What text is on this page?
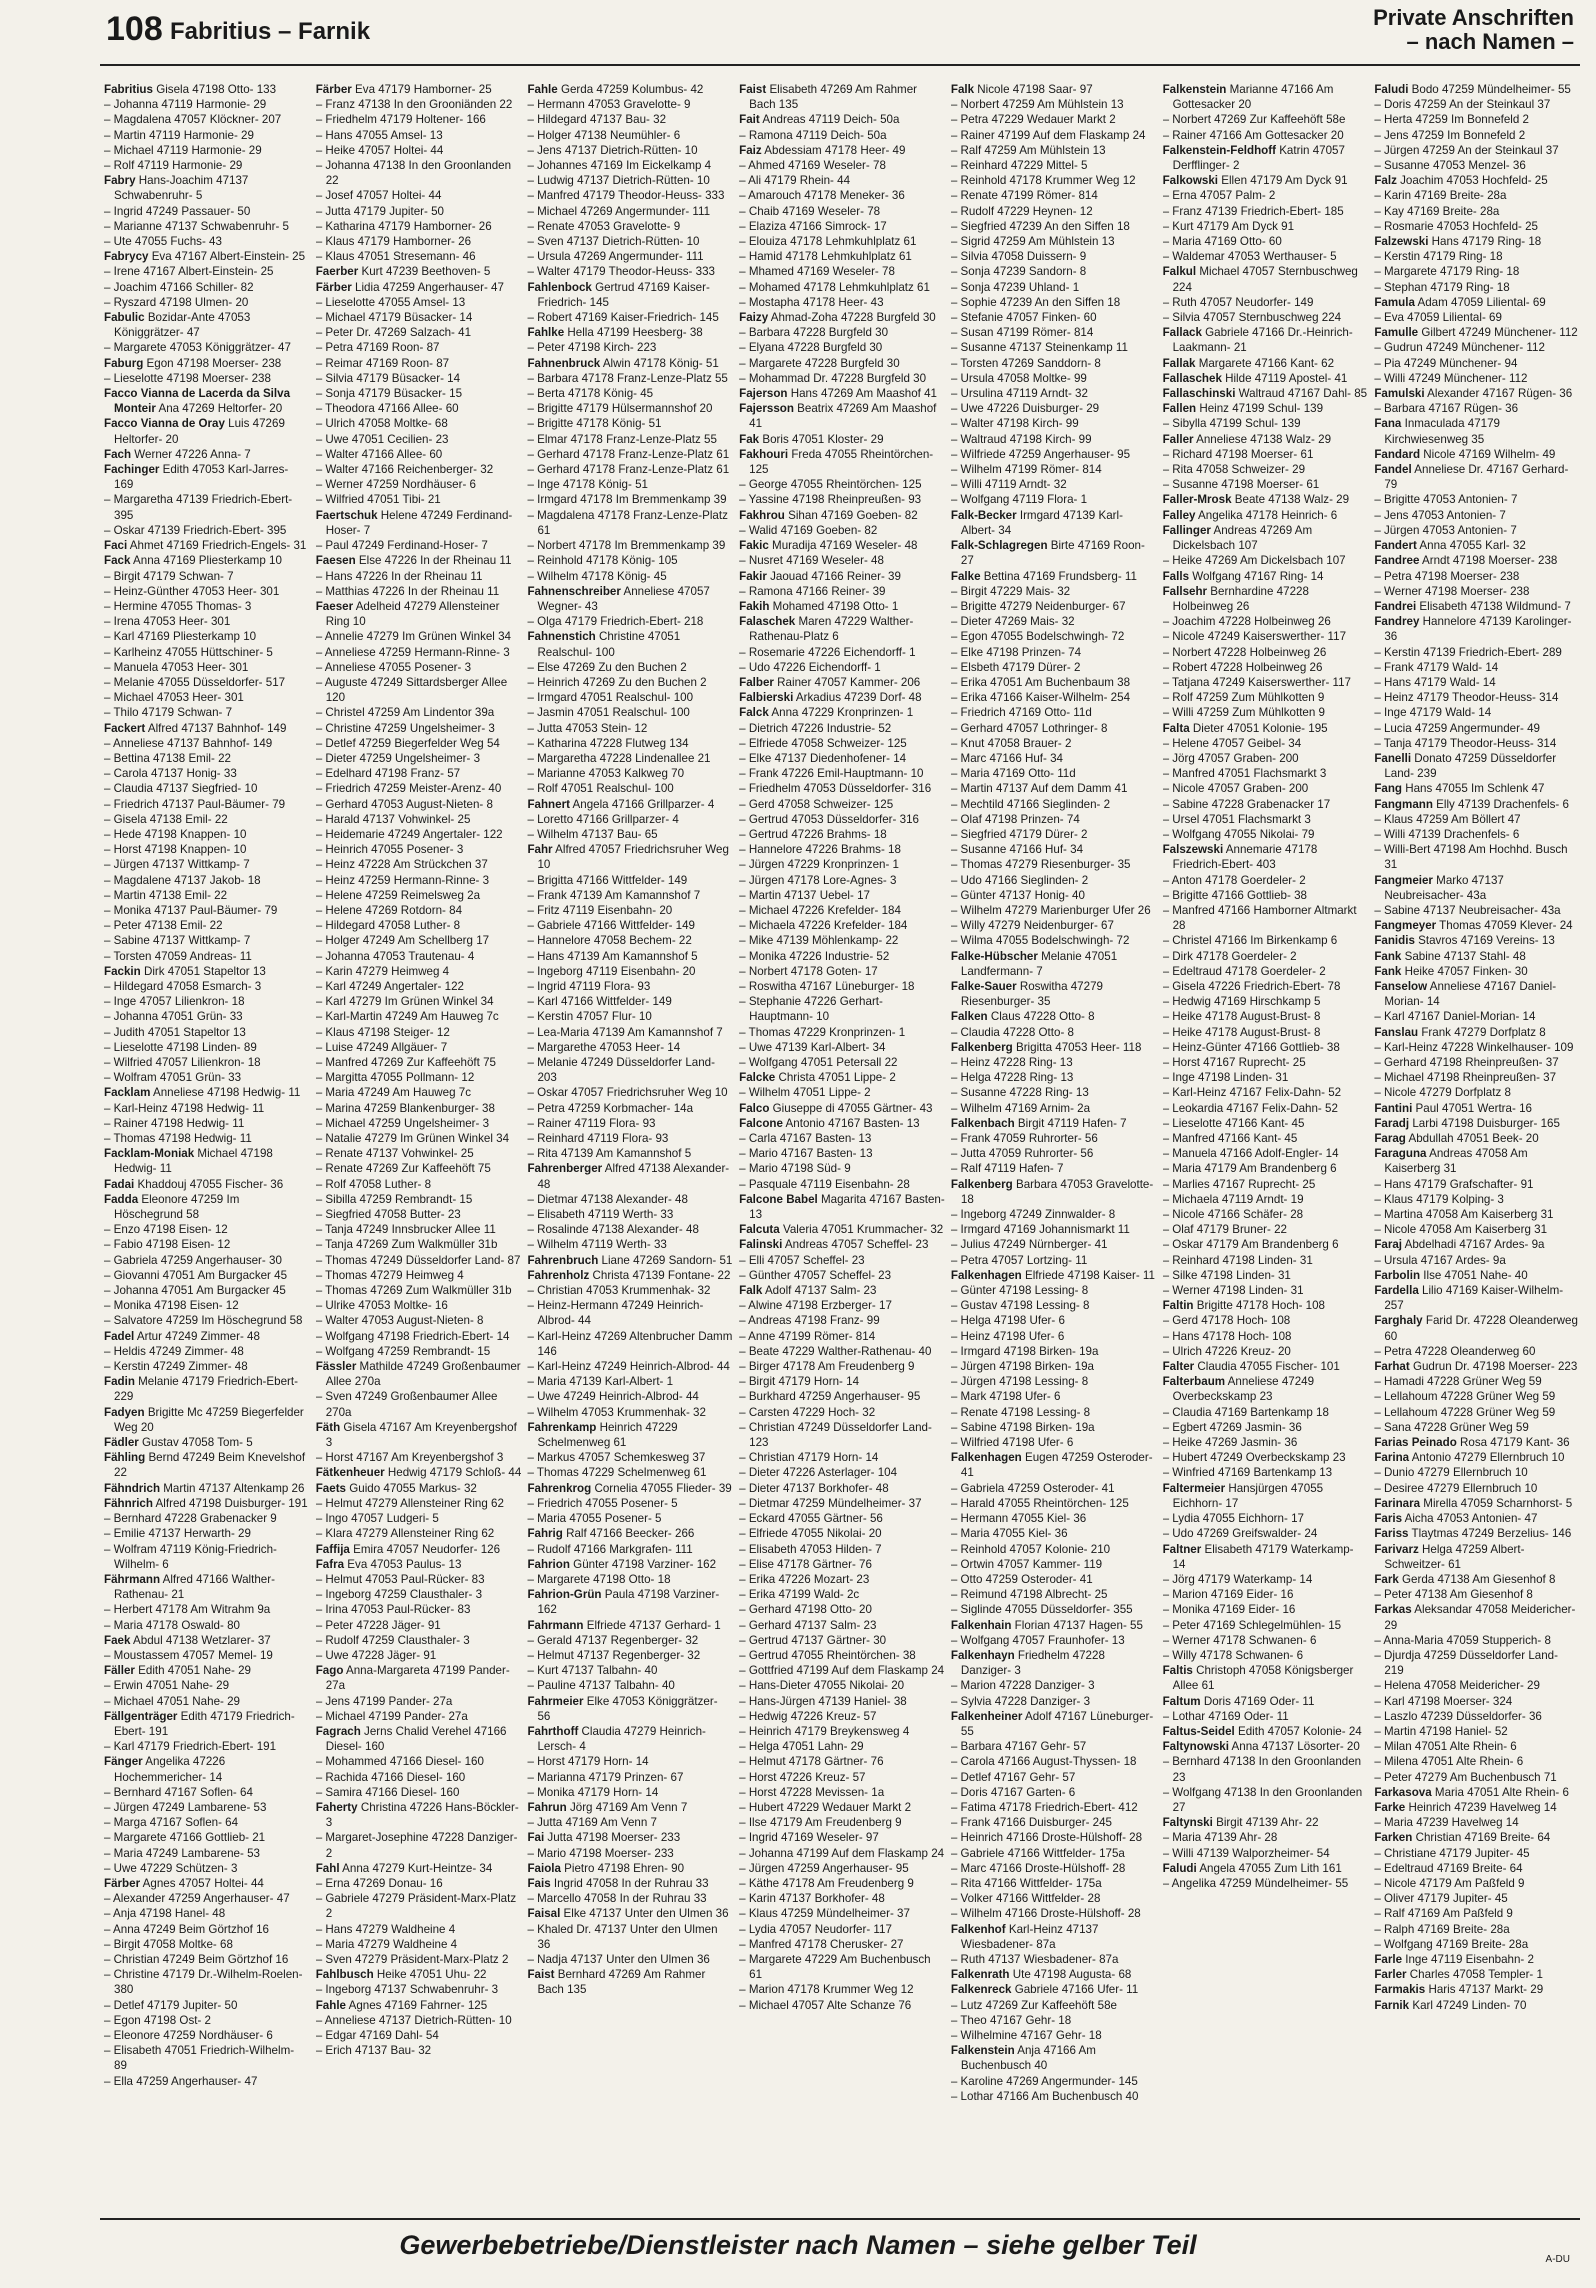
108 Fabritius – Farnik
Private Anschriften
– nach Namen –
Fabritius Gisela 47198 Otto- 133
– Johanna 47119 Harmonie- 29
– Magdalena 47057 Klöckner- 207
– Martin 47119 Harmonie- 29
– Michael 47119 Harmonie- 29
– Rolf 47119 Harmonie- 29
Fabry Hans-Joachim 47137 Schwabenruhr- 5
– Ingrid 47249 Passauer- 50
– Marianne 47137 Schwabenruhr- 5
– Ute 47055 Fuchs- 43
Fabrycy Eva 47167 Albert-Einstein- 25
– Irene 47167 Albert-Einstein- 25
– Joachim 47166 Schiller- 82
– Ryszard 47198 Ulmen- 20
Fabulic Bozidar-Ante 47053 Königgrätzer- 47
– Margarete 47053 Königgrätzer- 47
Faburg Egon 47198 Moerser- 238
– Lieselotte 47198 Moerser- 238
Facco Vianna de Lacerda da Silva Monteir Ana 47269 Heltorfer- 20
Facco Vianna de Oray Luis 47269 Heltorfer- 20
Fach Werner 47226 Anna- 7
Fachinger Edith 47053 Karl-Jarres- 169
– Margaretha 47139 Friedrich-Ebert- 395
– Oskar 47139 Friedrich-Ebert- 395
Faci Ahmet 47169 Friedrich-Engels- 31
Fack Anna 47169 Pliesterkamp 10
– Birgit 47179 Schwan- 7
– Heinz-Günther 47053 Heer- 301
– Hermine 47055 Thomas- 3
– Irena 47053 Heer- 301
– Karl 47169 Pliesterkamp 10
– Karlheinz 47055 Hüttschiner- 5
– Manuela 47053 Heer- 301
– Melanie 47055 Düsseldorfer- 517
– Michael 47053 Heer- 301
– Thilo 47179 Schwan- 7
Fackert Alfred 47137 Bahnhof- 149
– Anneliese 47137 Bahnhof- 149
– Bettina 47138 Emil- 22
– Carola 47137 Honig- 33
– Claudia 47137 Siegfried- 10
– Friedrich 47137 Paul-Bäumer- 79
– Gisela 47138 Emil- 22
– Hede 47198 Knappen- 10
– Horst 47198 Knappen- 10
– Jürgen 47137 Wittkamp- 7
– Magdalene 47137 Jakob- 18
– Martin 47138 Emil- 22
– Monika 47137 Paul-Bäumer- 79
– Peter 47138 Emil- 22
– Sabine 47137 Wittkamp- 7
– Torsten 47059 Andreas- 11
Fackin Dirk 47051 Stapeltor 13
– Hildegard 47058 Esmarch- 3
– Inge 47057 Lilienkron- 18
– Johanna 47051 Grün- 33
– Judith 47051 Stapeltor 13
– Lieselotte 47198 Linden- 89
– Wilfried 47057 Lilienkron- 18
– Wolfram 47051 Grün- 33
Facklam Anneliese 47198 Hedwig- 11
– Karl-Heinz 47198 Hedwig- 11
– Rainer 47198 Hedwig- 11
– Thomas 47198 Hedwig- 11
Facklam-Moniak Michael 47198 Hedwig- 11
Fadai Khaddouj 47055 Fischer- 36
Fadda Eleonore 47259 Im Höschegrund 58
– Enzo 47198 Eisen- 12
– Fabio 47198 Eisen- 12
– Gabriela 47259 Angerhauser- 30
– Giovanni 47051 Am Burgacker 45
– Johanna 47051 Am Burgacker 45
– Monika 47198 Eisen- 12
– Salvatore 47259 Im Höschegrund 58
Fadel Artur 47249 Zimmer- 48
– Heldis 47249 Zimmer- 48
– Kerstin 47249 Zimmer- 48
Fadin Melanie 47179 Friedrich-Ebert- 229
Fadyen Brigitte Mc 47259 Biegerfelder Weg 20
Fädler Gustav 47058 Tom- 5
Fähling Bernd 47249 Beim Knevelshof 22
Fähndrich Martin 47137 Altenkamp 26
Fähnrich Alfred 47198 Duisburger- 191
– Bernhard 47228 Grabenacker 9
– Emilie 47137 Herwarth- 29
– Wolfram 47119 König-Friedrich-Wilhelm- 6
Fährmann Alfred 47166 Walther-Rathenau- 21
– Herbert 47178 Am Witrahm 9a
– Maria 47178 Oswald- 80
Faek Abdul 47138 Wetzlarer- 37
– Moustassem 47057 Memel- 19
Fäller Edith 47051 Nahe- 29
– Erwin 47051 Nahe- 29
– Michael 47051 Nahe- 29
Fällgenträger Edith 47179 Friedrich-Ebert- 191
– Karl 47179 Friedrich-Ebert- 191
Fänger Angelika 47226 Hochemmericher- 14
– Bernhard 47167 Soflen- 64
– Jürgen 47249 Lambarene- 53
– Marga 47167 Soflen- 64
– Margarete 47166 Gottlieb- 21
– Maria 47249 Lambarene- 53
– Uwe 47229 Schützen- 3
Färber Agnes 47057 Holtei- 44
– Alexander 47259 Angerhauser- 47
– Anja 47198 Hanel- 48
– Anna 47249 Beim Görtzhof 16
– Birgit 47058 Moltke- 68
– Christian 47249 Beim Görtzhof 16
– Christine 47179 Dr.-Wilhelm-Roelen- 380
– Detlef 47179 Jupiter- 50
– Egon 47198 Ost- 2
– Eleonore 47259 Nordhäuser- 6
– Elisabeth 47051 Friedrich-Wilhelm- 89
– Ella 47259 Angerhauser- 47
Färber Eva 47179 Hamborner- 25
– Franz 47138 In den Grooniänden 22
– Friedhelm 47179 Holtener- 166
– Hans 47055 Amsel- 13
– Heike 47057 Holtei- 44
– Johanna 47138 In den Groonlanden 22
– Josef 47057 Holtei- 44
– Jutta 47179 Jupiter- 50
– Katharina 47179 Hamborner- 26
– Klaus 47179 Hamborner- 26
– Klaus 47051 Stresemann- 46
Faerber Kurt 47239 Beethoven- 5
Färber Lidia 47259 Angerhauser- 47
– Lieselotte 47055 Amsel- 13
– Michael 47179 Büsacker- 14
– Peter Dr. 47269 Salzach- 41
– Petra 47169 Roon- 87
– Reimar 47169 Roon- 87
– Silvia 47179 Büsacker- 14
– Sonja 47179 Büsacker- 15
– Theodora 47166 Allee- 60
– Ulrich 47058 Moltke- 68
– Uwe 47051 Cecilien- 23
– Walter 47166 Allee- 60
– Walter 47166 Reichenberger- 32
– Werner 47259 Nordhäuser- 6
– Wilfried 47051 Tibi- 21
Faertschuk Helene 47249 Ferdinand-Hoser- 7
– Paul 47249 Ferdinand-Hoser- 7
Faesen Else 47226 In der Rheinau 11
– Hans 47226 In der Rheinau 11
– Matthias 47226 In der Rheinau 11
Faeser Adelheid 47279 Allensteiner Ring 10
– Annelie 47279 Im Grünen Winkel 34
– Anneliese 47259 Hermann-Rinne- 3
– Anneliese 47055 Posener- 3
– Auguste 47249 Sittardsberger Allee 120
– Christel 47259 Am Lindentor 39a
– Christine 47259 Ungelsheimer- 3
– Detlef 47259 Biegerfelder Weg 54
– Dieter 47259 Ungelsheimer- 3
– Edelhard 47198 Franz- 57
– Friedrich 47259 Meister-Arenz- 40
– Gerhard 47053 August-Nieten- 8
– Harald 47137 Vohwinkel- 25
– Heidemarie 47249 Angertaler- 122
– Heinrich 47055 Posener- 3
– Heinz 47228 Am Strückchen 37
– Heinz 47259 Hermann-Rinne- 3
– Helene 47259 Reimelsweg 2a
– Helene 47269 Rotdorn- 84
– Hildegard 47058 Luther- 8
– Holger 47249 Am Schellberg 17
– Johanna 47053 Trautenau- 4
– Karin 47279 Heimweg 4
– Karl 47249 Angertaler- 122
– Karl 47279 Im Grünen Winkel 34
– Karl-Martin 47249 Am Hauweg 7c
– Klaus 47198 Steiger- 12
– Luise 47249 Allgäuer- 7
– Manfred 47269 Zur Kaffeehöft 75
– Margitta 47055 Pollmann- 12
– Maria 47249 Am Hauweg 7c
– Marina 47259 Blankenburger- 38
– Michael 47259 Ungelsheimer- 3
– Natalie 47279 Im Grünen Winkel 34
– Renate 47137 Vohwinkel- 25
– Renate 47269 Zur Kaffeehöft 75
– Rolf 47058 Luther- 8
– Sibilla 47259 Rembrandt- 15
– Siegfried 47058 Butter- 23
– Tanja 47249 Innsbrucker Allee 11
– Tanja 47269 Zum Walkmüller 31b
– Thomas 47249 Düsseldorfer Land- 87
– Thomas 47279 Heimweg 4
– Thomas 47269 Zum Walkmüller 31b
– Ulrike 47053 Moltke- 16
– Walter 47053 August-Nieten- 8
– Wolfgang 47198 Friedrich-Ebert- 14
– Wolfgang 47259 Rembrandt- 15
Fässler Mathilde 47249 Großenbaumer Allee 270a
– Sven 47249 Großenbaumer Allee 270a
Fäth Gisela 47167 Am Kreyenbergshof 3
– Horst 47167 Am Kreyenbergshof 3
Fätkenheuer Hedwig 47179 Schloß- 44
Faets Guido 47055 Markus- 32
– Helmut 47279 Allensteiner Ring 62
– Ingo 47057 Ludgeri- 5
– Klara 47279 Allensteiner Ring 62
Faffija Emira 47057 Neudorfer- 126
Fafra Eva 47053 Paulus- 13
– Helmut 47053 Paul-Rücker- 83
– Ingeborg 47259 Clausthaler- 3
– Irina 47053 Paul-Rücker- 83
– Peter 47228 Jäger- 91
– Rudolf 47259 Clausthaler- 3
– Uwe 47228 Jäger- 91
Fago Anna-Margareta 47199 Pander- 27a
– Jens 47199 Pander- 27a
– Michael 47199 Pander- 27a
Fagrach Jerns Chalid Verehel 47166 Diesel- 160
– Mohammed 47166 Diesel- 160
– Rachida 47166 Diesel- 160
– Samira 47166 Diesel- 160
Faherty Christina 47226 Hans-Böckler- 3
– Margaret-Josephine 47228 Danziger- 2
Fahl Anna 47279 Kurt-Heintze- 34
– Erna 47269 Donau- 16
– Gabriele 47279 Präsident-Marx-Platz 2
– Hans 47279 Waldheine 4
– Maria 47279 Waldheine 4
– Sven 47279 Präsident-Marx-Platz 2
Fahlbusch Heike 47051 Uhu- 22
– Ingeborg 47137 Schwabenruhr- 3
Fahle Agnes 47169 Fahrner- 125
– Anneliese 47137 Dietrich-Rütten- 10
– Edgar 47169 Dahl- 54
– Erich 47137 Bau- 32
Fahle Gerda 47259 Kolumbus- 42
– Hermann 47053 Gravelotte- 9
– Hildegard 47137 Bau- 32
– Holger 47138 Neumühler- 6
– Jens 47137 Dietrich-Rütten- 10
– Johannes 47169 Im Eickelkamp 4
– Ludwig 47137 Dietrich-Rütten- 10
– Manfred 47179 Theodor-Heuss- 333
– Michael 47269 Angermunder- 111
– Renate 47053 Gravelotte- 9
– Sven 47137 Dietrich-Rütten- 10
– Ursula 47269 Angermunder- 111
– Walter 47179 Theodor-Heuss- 333
Fahlenbock Gertrud 47169 Kaiser-Friedrich- 145
– Robert 47169 Kaiser-Friedrich- 145
Fahlke Hella 47199 Heesberg- 38
– Peter 47198 Kirch- 223
Fahnenbruck Alwin 47178 König- 51
– Barbara 47178 Franz-Lenze-Platz 55
– Berta 47178 König- 45
– Brigitte 47179 Hülsermannshof 20
– Brigitte 47178 König- 51
– Elmar 47178 Franz-Lenze-Platz 55
– Gerhard 47178 Franz-Lenze-Platz 61
– Gerhard 47178 Franz-Lenze-Platz 61
– Inge 47178 König- 51
– Irmgard 47178 Im Bremmenkamp 39
– Magdalena 47178 Franz-Lenze-Platz 61
– Norbert 47178 Im Bremmenkamp 39
– Reinhold 47178 König- 105
– Wilhelm 47178 König- 45
Fahnenschreiber Anneliese 47057 Wegner- 43
– Olga 47179 Friedrich-Ebert- 218
Fahnenstich Christine 47051 Realschul- 100
– Else 47269 Zu den Buchen 2
– Heinrich 47269 Zu den Buchen 2
– Irmgard 47051 Realschul- 100
– Jasmin 47051 Realschul- 100
– Jutta 47053 Stein- 12
– Katharina 47228 Flutweg 134
– Margaretha 47228 Lindenallee 21
– Marianne 47053 Kalkweg 70
– Rolf 47051 Realschul- 100
Fahnert Angela 47166 Grillparzer- 4
– Loretto 47166 Grillparzer- 4
– Wilhelm 47137 Bau- 65
Fahr Alfred 47057 Friedrichsruher Weg 10
– Brigitta 47166 Wittfelder- 149
– Frank 47139 Am Kamannshof 7
– Fritz 47119 Eisenbahn- 20
– Gabriele 47166 Wittfelder- 149
– Hannelore 47058 Bechem- 22
– Hans 47139 Am Kamannshof 5
– Ingeborg 47119 Eisenbahn- 20
– Ingrid 47119 Flora- 93
– Karl 47166 Wittfelder- 149
– Kerstin 47057 Flur- 10
– Lea-Maria 47139 Am Kamannshof 7
– Margarethe 47053 Heer- 14
– Melanie 47249 Düsseldorfer Land- 203
– Oskar 47057 Friedrichsruher Weg 10
– Petra 47259 Korbmacher- 14a
– Rainer 47119 Flora- 93
– Reinhard 47119 Flora- 93
– Rita 47139 Am Kamannshof 5
Fahrenberger Alfred 47138 Alexander- 48
– Dietmar 47138 Alexander- 48
– Elisabeth 47119 Werth- 33
– Rosalinde 47138 Alexander- 48
– Wilhelm 47119 Werth- 33
Fahrenbruch Liane 47269 Sandorn- 51
Fahrenholz Christa 47139 Fontane- 22
– Christian 47053 Krummenhak- 32
– Heinz-Hermann 47249 Heinrich-Albrod- 44
– Karl-Heinz 47269 Altenbrucher Damm 146
– Karl-Heinz 47249 Heinrich-Albrod- 44
– Maria 47139 Karl-Albert- 1
– Uwe 47249 Heinrich-Albrod- 44
– Wilhelm 47053 Krummenhak- 32
Fahrenkamp Heinrich 47229 Schelmenweg 61
– Markus 47057 Schemkesweg 37
– Thomas 47229 Schelmenweg 61
Fahrenkrog Cornelia 47055 Flieder- 39
– Friedrich 47055 Posener- 5
– Maria 47055 Posener- 5
Fahrig Ralf 47166 Beecker- 266
– Rudolf 47166 Markgrafen- 111
Fahrion Günter 47198 Varziner- 162
– Margarete 47198 Otto- 18
Fahrion-Grün Paula 47198 Varziner- 162
Fahrmann Elfriede 47137 Gerhard- 1
– Gerald 47137 Regenberger- 32
– Helmut 47137 Regenberger- 32
– Kurt 47137 Talbahn- 40
– Pauline 47137 Talbahn- 40
Fahrmeier Elke 47053 Königgrätzer- 56
Fahrthoff Claudia 47279 Heinrich-Lersch- 4
– Horst 47179 Horn- 14
– Marianna 47179 Prinzen- 67
– Monika 47179 Horn- 14
Fahrun Jörg 47169 Am Venn 7
– Jutta 47169 Am Venn 7
Fai Jutta 47198 Moerser- 233
– Mario 47198 Moerser- 233
Faiola Pietro 47198 Ehren- 90
Fais Ingrid 47058 In der Ruhrau 33
– Marcello 47058 In der Ruhrau 33
Faisal Elke 47137 Unter den Ulmen 36
– Khaled Dr. 47137 Unter den Ulmen 36
– Nadja 47137 Unter den Ulmen 36
Faist Bernhard 47269 Am Rahmer Bach 135
Faist Elisabeth 47269 Am Rahmer Bach 135
Fait Andreas 47119 Deich- 50a
– Ramona 47119 Deich- 50a
Faiz Abdessiam 47178 Heer- 49
– Ahmed 47169 Weseler- 78
– Ali 47179 Rhein- 44
– Amarouch 47178 Meneker- 36
– Chaib 47169 Weseler- 78
– Elaziza 47166 Simrock- 17
– Elouiza 47178 Lehmkuhlplatz 61
– Hamid 47178 Lehmkuhlplatz 61
– Mhamed 47169 Weseler- 78
– Mohamed 47178 Lehmkuhlplatz 61
– Mostapha 47178 Heer- 43
Faizy Ahmad-Zoha 47228 Burgfeld 30
– Barbara 47228 Burgfeld 30
– Elyana 47228 Burgfeld 30
– Margarete 47228 Burgfeld 30
– Mohammad Dr. 47228 Burgfeld 30
Fajerson Hans 47269 Am Maashof 41
Fajersson Beatrix 47269 Am Maashof 41
Fak Boris 47051 Kloster- 29
Fakhouri Freda 47055 Rheintörchen- 125
– George 47055 Rheintörchen- 125
– Yassine 47198 Rheinpreußen- 93
Fakhrou Sihan 47169 Goeben- 82
– Walid 47169 Goeben- 82
Fakic Muradija 47169 Weseler- 48
– Nusret 47169 Weseler- 48
Fakir Jaouad 47166 Reiner- 39
– Ramona 47166 Reiner- 39
Fakih Mohamed 47198 Otto- 1
Falaschek Maren 47229 Walther-Rathenau-Platz 6
– Rosemarie 47226 Eichendorff- 1
– Udo 47226 Eichendorff- 1
Falber Rainer 47057 Kammer- 206
Falbierski Arkadius 47239 Dorf- 48
Falck Anna 47229 Kronprinzen- 1
– Dietrich 47226 Industrie- 52
– Elfriede 47058 Schweizer- 125
– Elke 47137 Diedenhofener- 14
– Frank 47226 Emil-Hauptmann- 10
– Friedhelm 47053 Düsseldorfer- 316
– Gerd 47058 Schweizer- 125
– Gertrud 47053 Düsseldorfer- 316
– Gertrud 47226 Brahms- 18
– Hannelore 47226 Brahms- 18
– Jürgen 47229 Kronprinzen- 1
– Jürgen 47178 Lore-Agnes- 3
– Martin 47137 Uebel- 17
– Michael 47226 Krefelder- 184
– Michaela 47226 Krefelder- 184
– Mike 47139 Möhlenkamp- 22
– Monika 47226 Industrie- 52
– Norbert 47178 Goten- 17
– Roswitha 47167 Lüneburger- 18
– Stephanie 47226 Gerhart-Hauptmann- 10
– Thomas 47229 Kronprinzen- 1
– Uwe 47139 Karl-Albert- 34
– Wolfgang 47051 Petersall 22
Falcke Christa 47051 Lippe- 2
– Wilhelm 47051 Lippe- 2
Falco Giuseppe di 47055 Gärtner- 43
Falcone Antonio 47167 Basten- 13
– Carla 47167 Basten- 13
– Mario 47167 Basten- 13
– Mario 47198 Süd- 9
– Pasquale 47119 Eisenbahn- 28
Falcone Babel Magarita 47167 Basten- 13
Falcuta Valeria 47051 Krummacher- 32
Falinski Andreas 47057 Scheffel- 23
– Elli 47057 Scheffel- 23
– Günther 47057 Scheffel- 23
Falk Adolf 47137 Salm- 23
– Alwine 47198 Erzberger- 17
– Andreas 47198 Franz- 99
– Anne 47199 Römer- 814
– Beate 47229 Walther-Rathenau- 40
– Birger 47178 Am Freudenberg 9
– Birgit 47179 Horn- 14
– Burkhard 47259 Angerhauser- 95
– Carsten 47229 Hoch- 32
– Christian 47249 Düsseldorfer Land- 123
– Christian 47179 Horn- 14
– Dieter 47226 Asterlager- 104
– Dieter 47137 Borkhofer- 48
– Dietmar 47259 Mündelheimer- 37
– Eckard 47055 Gärtner- 56
– Elfriede 47055 Nikolai- 20
– Elisabeth 47053 Hilden- 7
– Elise 47178 Gärtner- 76
– Erika 47226 Mozart- 23
– Erika 47199 Wald- 2c
– Gerhard 47198 Otto- 20
– Gerhard 47137 Salm- 23
– Gertrud 47137 Gärtner- 30
– Gertrud 47055 Rheintörchen- 38
– Gottfried 47199 Auf dem Flaskamp 24
– Hans-Dieter 47055 Nikolai- 20
– Hans-Jürgen 47139 Haniel- 38
– Hedwig 47226 Kreuz- 57
– Heinrich 47179 Breykensweg 4
– Helga 47051 Lahn- 29
– Helmut 47178 Gärtner- 76
– Horst 47226 Kreuz- 57
– Horst 47228 Mevissen- 1a
– Hubert 47229 Wedauer Markt 2
– Ilse 47179 Am Freudenberg 9
– Ingrid 47169 Weseler- 97
– Johanna 47199 Auf dem Flaskamp 24
– Jürgen 47259 Angerhauser- 95
– Käthe 47178 Am Freudenberg 9
– Karin 47137 Borkhofer- 48
– Klaus 47259 Mündelheimer- 37
– Lydia 47057 Neudorfer- 117
– Manfred 47178 Cherusker- 27
– Margarete 47229 Am Buchenbusch 61
– Marion 47178 Krummer Weg 12
– Michael 47057 Alte Schanze 76
Falk Nicole 47198 Saar- 97
– Norbert 47259 Am Mühlstein 13
– Petra 47229 Wedauer Markt 2
– Rainer 47199 Auf dem Flaskamp 24
– Ralf 47259 Am Mühlstein 13
– Reinhard 47229 Mittel- 5
– Reinhold 47178 Krummer Weg 12
– Renate 47199 Römer- 814
– Rudolf 47229 Heynen- 12
– Siegfried 47239 An den Siffen 18
– Sigrid 47259 Am Mühlstein 13
– Silvia 47058 Duissern- 9
– Sonja 47239 Sandorn- 8
– Sonja 47239 Uhland- 1
– Sophie 47239 An den Siffen 18
– Stefanie 47057 Finken- 60
– Susan 47199 Römer- 814
– Susanne 47137 Steinenkamp 11
– Torsten 47269 Sanddorn- 8
– Ursula 47058 Moltke- 99
– Ursulina 47119 Arndt- 32
– Uwe 47226 Duisburger- 29
– Walter 47198 Kirch- 99
– Waltraud 47198 Kirch- 99
– Wilfriede 47259 Angerhauser- 95
– Wilhelm 47199 Römer- 814
– Willi 47119 Arndt- 32
– Wolfgang 47119 Flora- 1
Falk-Becker Irmgard 47139 Karl-Albert- 34
Falk-Schlagregen Birte 47169 Roon- 27
Falke Bettina 47169 Frundsberg- 11
– Birgit 47229 Mais- 32
– Brigitte 47279 Neidenburger- 67
– Dieter 47269 Mais- 32
– Egon 47055 Bodelschwingh- 72
– Elke 47198 Prinzen- 74
– Elsbeth 47179 Dürer- 2
– Erika 47051 Am Buchenbaum 38
– Erika 47166 Kaiser-Wilhelm- 254
– Friedrich 47169 Otto- 11d
– Gerhard 47057 Lothringer- 8
– Knut 47058 Brauer- 2
– Marc 47166 Huf- 34
– Maria 47169 Otto- 11d
– Martin 47137 Auf dem Damm 41
– Mechtild 47166 Sieglinden- 2
– Olaf 47198 Prinzen- 74
– Siegfried 47179 Dürer- 2
– Susanne 47166 Huf- 34
– Thomas 47279 Riesenburger- 35
– Udo 47166 Sieglinden- 2
– Günter 47137 Honig- 40
– Wilhelm 47279 Marienburger Ufer 26
– Willy 47279 Neidenburger- 67
– Wilma 47055 Bodelschwingh- 72
Falke-Hübscher Melanie 47051 Landfermann- 7
Falke-Sauer Roswitha 47279 Riesenburger- 35
Falken Claus 47228 Otto- 8
– Claudia 47228 Otto- 8
Falkenberg Brigitta 47053 Heer- 118
– Heinz 47228 Ring- 13
– Helga 47228 Ring- 13
– Susanne 47228 Ring- 13
– Wilhelm 47169 Arnim- 2a
Falkenbach Birgit 47119 Hafen- 7
– Frank 47059 Ruhrorter- 56
– Jutta 47059 Ruhrorter- 56
– Ralf 47119 Hafen- 7
Falkenberg Barbara 47053 Gravelotte- 18
– Ingeborg 47249 Zinnwalder- 8
– Irmgard 47169 Johannismarkt 11
– Julius 47249 Nürnberger- 41
– Petra 47057 Lortzing- 11
Falkenhagen Elfriede 47198 Kaiser- 11
– Günter 47198 Lessing- 8
– Gustav 47198 Lessing- 8
– Helga 47198 Ufer- 6
– Heinz 47198 Ufer- 6
– Irmgard 47198 Birken- 19a
– Jürgen 47198 Birken- 19a
– Jürgen 47198 Lessing- 8
– Mark 47198 Ufer- 6
– Renate 47198 Lessing- 8
– Sabine 47198 Birken- 19a
– Wilfried 47198 Ufer- 6
Falkenhagen Eugen 47259 Osteroder- 41
– Gabriela 47259 Osteroder- 41
– Harald 47055 Rheintörchen- 125
– Hermann 47055 Kiel- 36
– Maria 47055 Kiel- 36
– Reinhold 47057 Kolonie- 210
– Ortwin 47057 Kammer- 119
– Otto 47259 Osteroder- 41
– Reimund 47198 Albrecht- 25
– Siglinde 47055 Düsseldorfer- 355
Falkenhain Florian 47137 Hagen- 55
– Wolfgang 47057 Fraunhofer- 13
Falkenhayn Friedhelm 47228 Danziger- 3
– Marion 47228 Danziger- 3
– Sylvia 47228 Danziger- 3
Falkenheiner Adolf 47167 Lüneburger- 55
– Barbara 47167 Gehr- 57
– Carola 47166 August-Thyssen- 18
– Detlef 47167 Gehr- 57
– Doris 47167 Garten- 6
– Fatima 47178 Friedrich-Ebert- 412
– Frank 47166 Duisburger- 245
– Heinrich 47166 Droste-Hülshoff- 28
– Gabriele 47166 Wittfelder- 175a
– Marc 47166 Droste-Hülshoff- 28
– Rita 47166 Wittfelder- 175a
– Volker 47166 Wittfelder- 28
– Wilhelm 47166 Droste-Hülshoff- 28
Falkenhof Karl-Heinz 47137 Wiesbadener- 87a
– Ruth 47137 Wiesbadener- 87a
Falkenrath Ute 47198 Augusta- 68
Falkenreck Gabriele 47166 Ufer- 11
– Lutz 47269 Zur Kaffeehöft 58e
– Theo 47167 Gehr- 18
– Wilhelmine 47167 Gehr- 18
Falkenstein Anja 47166 Am Buchenbusch 40
– Karoline 47269 Angermunder- 145
– Lothar 47166 Am Buchenbusch 40
Falkenstein Marianne 47166 Am Gottesacker 20
– Norbert 47269 Zur Kaffeehöft 58e
– Rainer 47166 Am Gottesacker 20
Falkenstein-Feldhoff Katrin 47057 Derfflinger- 2
Falkowski Ellen 47179 Am Dyck 91
– Erna 47057 Palm- 2
– Franz 47139 Friedrich-Ebert- 185
– Kurt 47179 Am Dyck 91
– Maria 47169 Otto- 60
– Waldemar 47053 Werthauser- 5
Falkul Michael 47057 Sternbuschweg 224
– Ruth 47057 Neudorfer- 149
– Silvia 47057 Sternbuschweg 224
Fallack Gabriele 47166 Dr.-Heinrich-Laakmann- 21
Fallak Margarete 47166 Kant- 62
Fallaschek Hilde 47119 Apostel- 41
Fallaschinski Waltraud 47167 Dahl- 85
Fallen Heinz 47199 Schul- 139
– Sibylla 47199 Schul- 139
Faller Anneliese 47138 Walz- 29
– Richard 47198 Moerser- 61
– Rita 47058 Schweizer- 29
– Susanne 47198 Moerser- 61
Faller-Mrosk Beate 47138 Walz- 29
Falley Angelika 47178 Heinrich- 6
Fallinger Andreas 47269 Am Dickelsbach 107
– Heike 47269 Am Dickelsbach 107
Falls Wolfgang 47167 Ring- 14
Fallsehr Bernhardine 47228 Holbeinweg 26
– Joachim 47228 Holbeinweg 26
– Nicole 47249 Kaiserswerther- 117
– Norbert 47228 Holbeinweg 26
– Robert 47228 Holbeinweg 26
– Tatjana 47249 Kaiserswerther- 117
– Rolf 47259 Zum Mühlkotten 9
– Willi 47259 Zum Mühlkotten 9
Falta Dieter 47051 Kolonie- 195
– Helene 47057 Geibel- 34
– Jörg 47057 Graben- 200
– Manfred 47051 Flachsmarkt 3
– Nicole 47057 Graben- 200
– Sabine 47228 Grabenacker 17
– Ursel 47051 Flachsmarkt 3
– Wolfgang 47055 Nikolai- 79
Falszewski Annemarie 47178 Friedrich-Ebert- 403
– Anton 47178 Goerdeler- 2
– Brigitte 47166 Gottlieb- 38
– Manfred 47166 Hamborner Altmarkt 28
– Christel 47166 Im Birkenkamp 6
– Dirk 47178 Goerdeler- 2
– Edeltraud 47178 Goerdeler- 2
– Gisela 47226 Friedrich-Ebert- 78
– Hedwig 47169 Hirschkamp 5
– Heike 47178 August-Brust- 8
– Heike 47178 August-Brust- 8
– Heinz-Günter 47166 Gottlieb- 38
– Horst 47167 Ruprecht- 25
– Inge 47198 Linden- 31
– Karl-Heinz 47167 Felix-Dahn- 52
– Leokardia 47167 Felix-Dahn- 52
– Lieselotte 47166 Kant- 45
– Manfred 47166 Kant- 45
– Manuela 47166 Adolf-Engler- 14
– Maria 47179 Am Brandenberg 6
– Marlies 47167 Ruprecht- 25
– Michaela 47119 Arndt- 19
– Nicole 47166 Schäfer- 28
– Olaf 47179 Bruner- 22
– Oskar 47179 Am Brandenberg 6
– Reinhard 47198 Linden- 31
– Silke 47198 Linden- 31
– Werner 47198 Linden- 31
Faltin Brigitte 47178 Hoch- 108
– Gerd 47178 Hoch- 108
– Hans 47178 Hoch- 108
– Ulrich 47226 Kreuz- 20
Falter Claudia 47055 Fischer- 101
Falterbaum Anneliese 47249 Overbeckskamp 23
– Claudia 47169 Bartenkamp 18
– Egbert 47269 Jasmin- 36
– Heike 47269 Jasmin- 36
– Hubert 47249 Overbeckskamp 23
– Winfried 47169 Bartenkamp 13
Faltermeier Hansjürgen 47055 Eichhorn- 17
– Lydia 47055 Eichhorn- 17
– Udo 47269 Greifswalder- 24
Faltner Elisabeth 47179 Waterkamp- 14
– Jörg 47179 Waterkamp- 14
– Marion 47169 Eider- 16
– Monika 47169 Eider- 16
– Peter 47169 Schlegelmühlen- 15
– Werner 47178 Schwanen- 6
– Willy 47178 Schwanen- 6
Faltis Christoph 47058 Königsberger Allee 61
Faltum Doris 47169 Oder- 11
– Lothar 47169 Oder- 11
Faltus-Seidel Edith 47057 Kolonie- 24
Faltynowski Anna 47137 Lösorter- 20
– Bernhard 47138 In den Groonlanden 23
– Wolfgang 47138 In den Groonlanden 27
Faltynski Birgit 47139 Ahr- 22
– Maria 47139 Ahr- 28
– Willi 47139 Walporzheimer- 54
Faludi Angela 47055 Zum Lith 161
– Angelika 47259 Mündelheimer- 55
Faludi Bodo 47259 Mündelheimer- 55
– Doris 47259 An der Steinkaul 37
– Herta 47259 Im Bonnefeld 2
– Jens 47259 Im Bonnefeld 2
– Jürgen 47259 An der Steinkaul 37
– Susanne 47053 Menzel- 36
Falz Joachim 47053 Hochfeld- 25
– Karin 47169 Breite- 28a
– Kay 47169 Breite- 28a
– Rosmarie 47053 Hochfeld- 25
Falzewski Hans 47179 Ring- 18
– Kerstin 47179 Ring- 18
– Margarete 47179 Ring- 18
– Stephan 47179 Ring- 18
Famula Adam 47059 Liliental- 69
– Eva 47059 Liliental- 69
Famulle Gilbert 47249 Münchener- 112
– Gudrun 47249 Münchener- 112
– Pia 47249 Münchener- 94
– Willi 47249 Münchener- 112
Famulski Alexander 47167 Rügen- 36
– Barbara 47167 Rügen- 36
Fana Inmaculada 47179 Kirchwiesenweg 35
Fandard Nicole 47169 Wilhelm- 49
Fandel Anneliese Dr. 47167 Gerhard- 79
– Brigitte 47053 Antonien- 7
– Jens 47053 Antonien- 7
– Jürgen 47053 Antonien- 7
Fandert Anna 47055 Karl- 32
Fandree Arndt 47198 Moerser- 238
– Petra 47198 Moerser- 238
– Werner 47198 Moerser- 238
Fandrei Elisabeth 47138 Wildmund- 7
Fandrey Hannelore 47139 Karolinger- 36
– Kerstin 47139 Friedrich-Ebert- 289
– Frank 47179 Wald- 14
– Hans 47179 Wald- 14
– Heinz 47179 Theodor-Heuss- 314
– Inge 47179 Wald- 14
– Lucia 47259 Angermunder- 49
– Tanja 47179 Theodor-Heuss- 314
Fanelli Donato 47259 Düsseldorfer Land- 239
Fang Hans 47055 Im Schlenk 47
Fangmann Elly 47139 Drachenfels- 6
– Klaus 47259 Am Böllert 47
– Willi 47139 Drachenfels- 6
– Willi-Bert 47198 Am Hochhd. Busch 31
Fangmeier Marko 47137 Neubreisacher- 43a
– Sabine 47137 Neubreisacher- 43a
Fangmeyer Thomas 47059 Klever- 24
Fanidis Stavros 47169 Vereins- 13
Fank Sabine 47137 Stahl- 48
Fank Heike 47057 Finken- 30
Fanselow Anneliese 47167 Daniel-Morian- 14
– Karl 47167 Daniel-Morian- 14
Fanslau Frank 47279 Dorfplatz 8
– Karl-Heinz 47228 Winkelhauser- 109
– Gerhard 47198 Rheinpreußen- 37
– Michael 47198 Rheinpreußen- 37
– Nicole 47279 Dorfplatz 8
Fantini Paul 47051 Wertra- 16
Faradj Larbi 47198 Duisburger- 165
Farag Abdullah 47051 Beek- 20
Faraguna Andreas 47058 Am Kaiserberg 31
– Hans 47179 Grafschafter- 91
– Klaus 47179 Kolping- 3
– Martina 47058 Am Kaiserberg 31
– Nicole 47058 Am Kaiserberg 31
Faraj Abdelhadi 47167 Ardes- 9a
– Ursula 47167 Ardes- 9a
Farbolin Ilse 47051 Nahe- 40
Fardella Lilio 47169 Kaiser-Wilhelm- 257
Farghaly Farid Dr. 47228 Oleanderweg 60
– Petra 47228 Oleanderweg 60
Farhat Gudrun Dr. 47198 Moerser- 223
– Hamadi 47228 Grüner Weg 59
– Lellahoum 47228 Grüner Weg 59
– Lellahoum 47228 Grüner Weg 59
– Sana 47228 Grüner Weg 59
Farias Peinado Rosa 47179 Kant- 36
Farina Antonio 47279 Ellernbruch 10
– Dunio 47279 Ellernbruch 10
– Desiree 47279 Ellernbruch 10
Farinara Mirella 47059 Scharnhorst- 5
Faris Aicha 47053 Antonien- 47
Fariss Tlaytmas 47249 Berzelius- 146
Farivarz Helga 47259 Albert-Schweitzer- 61
Fark Gerda 47138 Am Giesenhof 8
– Peter 47138 Am Giesenhof 8
Farkas Aleksandar 47058 Meidericher- 29
– Anna-Maria 47059 Stupperich- 8
– Djurdja 47259 Düsseldorfer Land- 219
– Helena 47058 Meidericher- 29
– Karl 47198 Moerser- 324
– Laszlo 47239 Düsseldorfer- 36
– Martin 47198 Haniel- 52
– Milan 47051 Alte Rhein- 6
– Milena 47051 Alte Rhein- 6
– Peter 47279 Am Buchenbusch 71
Farkasova Maria 47051 Alte Rhein- 6
Farke Heinrich 47239 Havelweg 14
– Maria 47239 Havelweg 14
Farken Christian 47169 Breite- 64
– Christiane 47179 Jupiter- 45
– Edeltraud 47169 Breite- 64
– Nicole 47179 Am Paßfeld 9
– Oliver 47179 Jupiter- 45
– Ralf 47169 Am Paßfeld 9
– Ralph 47169 Breite- 28a
– Wolfgang 47169 Breite- 28a
Farle Inge 47119 Eisenbahn- 2
Farler Charles 47058 Templer- 1
Farmakis Haris 47137 Markt- 29
Farnik Karl 47249 Linden- 70
Gewerbebetriebe/Dienstleister nach Namen – siehe gelber Teil	A-DU
